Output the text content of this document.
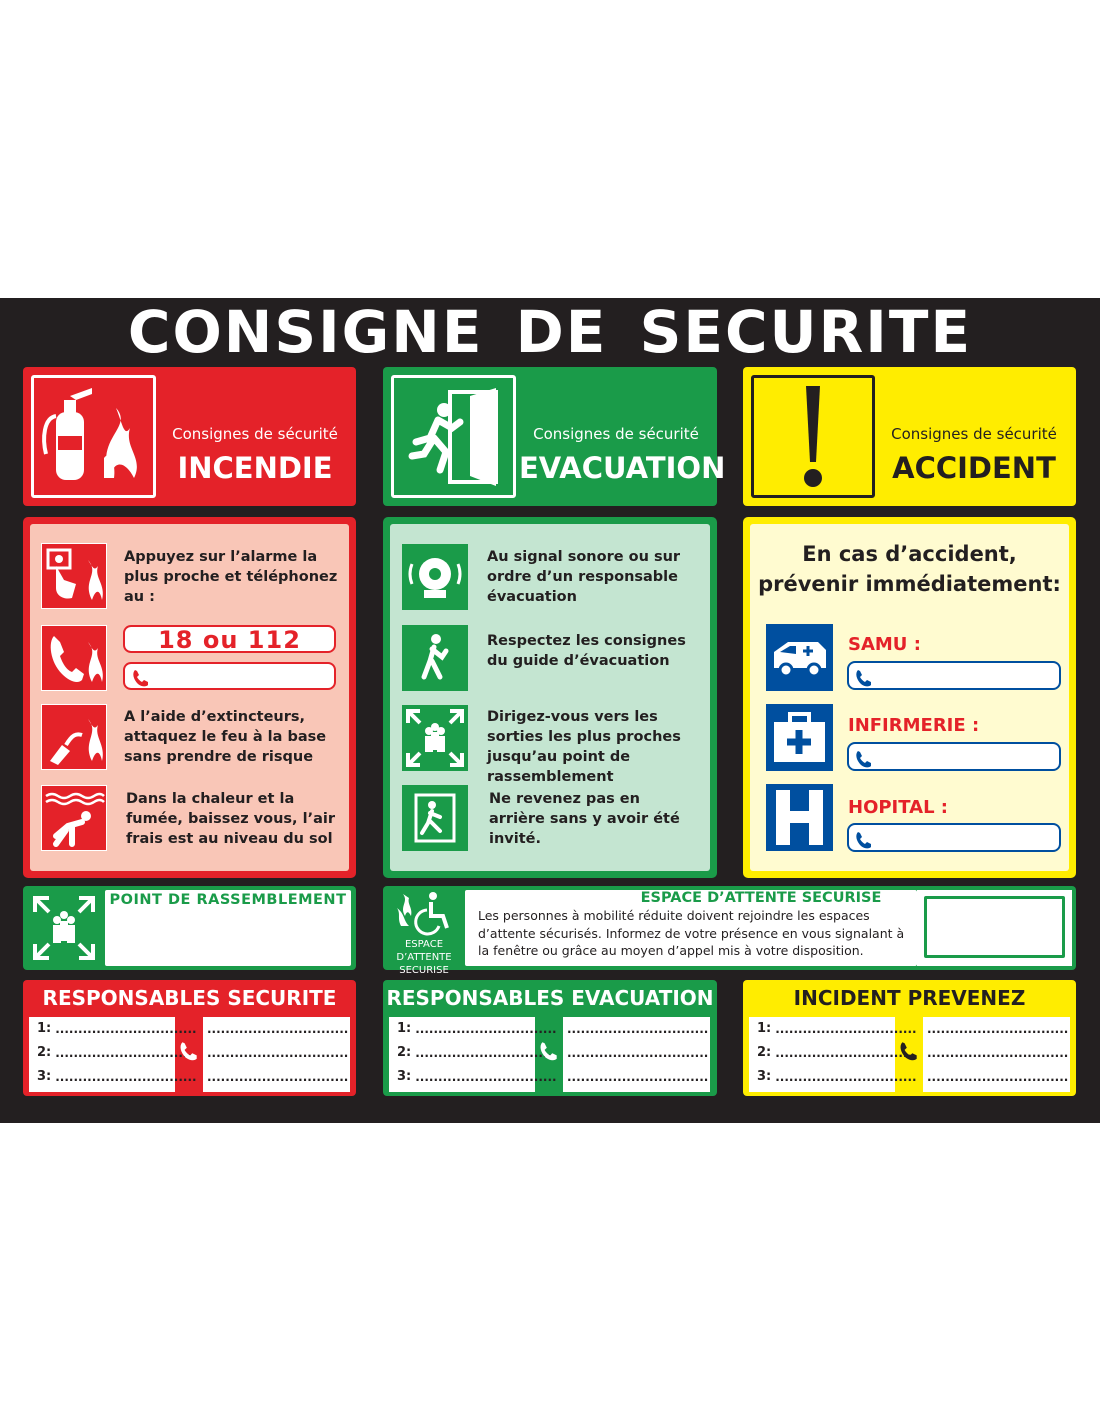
CONSIGNE DE SECURITE
Consignes de sécurité
INCENDIE
Consignes de sécurité
EVACUATION
Consignes de sécurité
ACCIDENT
Appuyez sur l’alarme la plus proche et téléphonez au :
18 ou 112
A l’aide d’extincteurs, attaquez le feu à la base sans prendre de risque
Dans la chaleur et la fumée, baissez vous, l’air frais est au niveau du sol
Au signal sonore ou sur ordre d’un responsable évacuation
Respectez les consignes du guide d’évacuation
Dirigez-vous vers les sorties les plus proches jusqu’au point de rassemblement
Ne revenez pas en arrière sans y avoir été invité.
En cas d’accident,
prévenir immédiatement:
SAMU :
INFIRMERIE :
HOPITAL :
POINT DE RASSEMBLEMENT
ESPACE D’ATTENTE SECURISE
ESPACE D’ATTENTE SECURISE
Les personnes à mobilité réduite doivent rejoindre les espaces d’attente sécurisés. Informez de votre présence en vous signalant à la fenêtre ou grâce au moyen d’appel mis à votre disposition.
RESPONSABLES SECURITE
1: ...............................
2: ...............................
3: ...............................
...............................
...............................
...............................
RESPONSABLES EVACUATION
1: ...............................
2: ...............................
3: ...............................
...............................
...............................
...............................
INCIDENT PREVENEZ
1: ...............................
2: ...............................
3: ...............................
...............................
...............................
...............................
